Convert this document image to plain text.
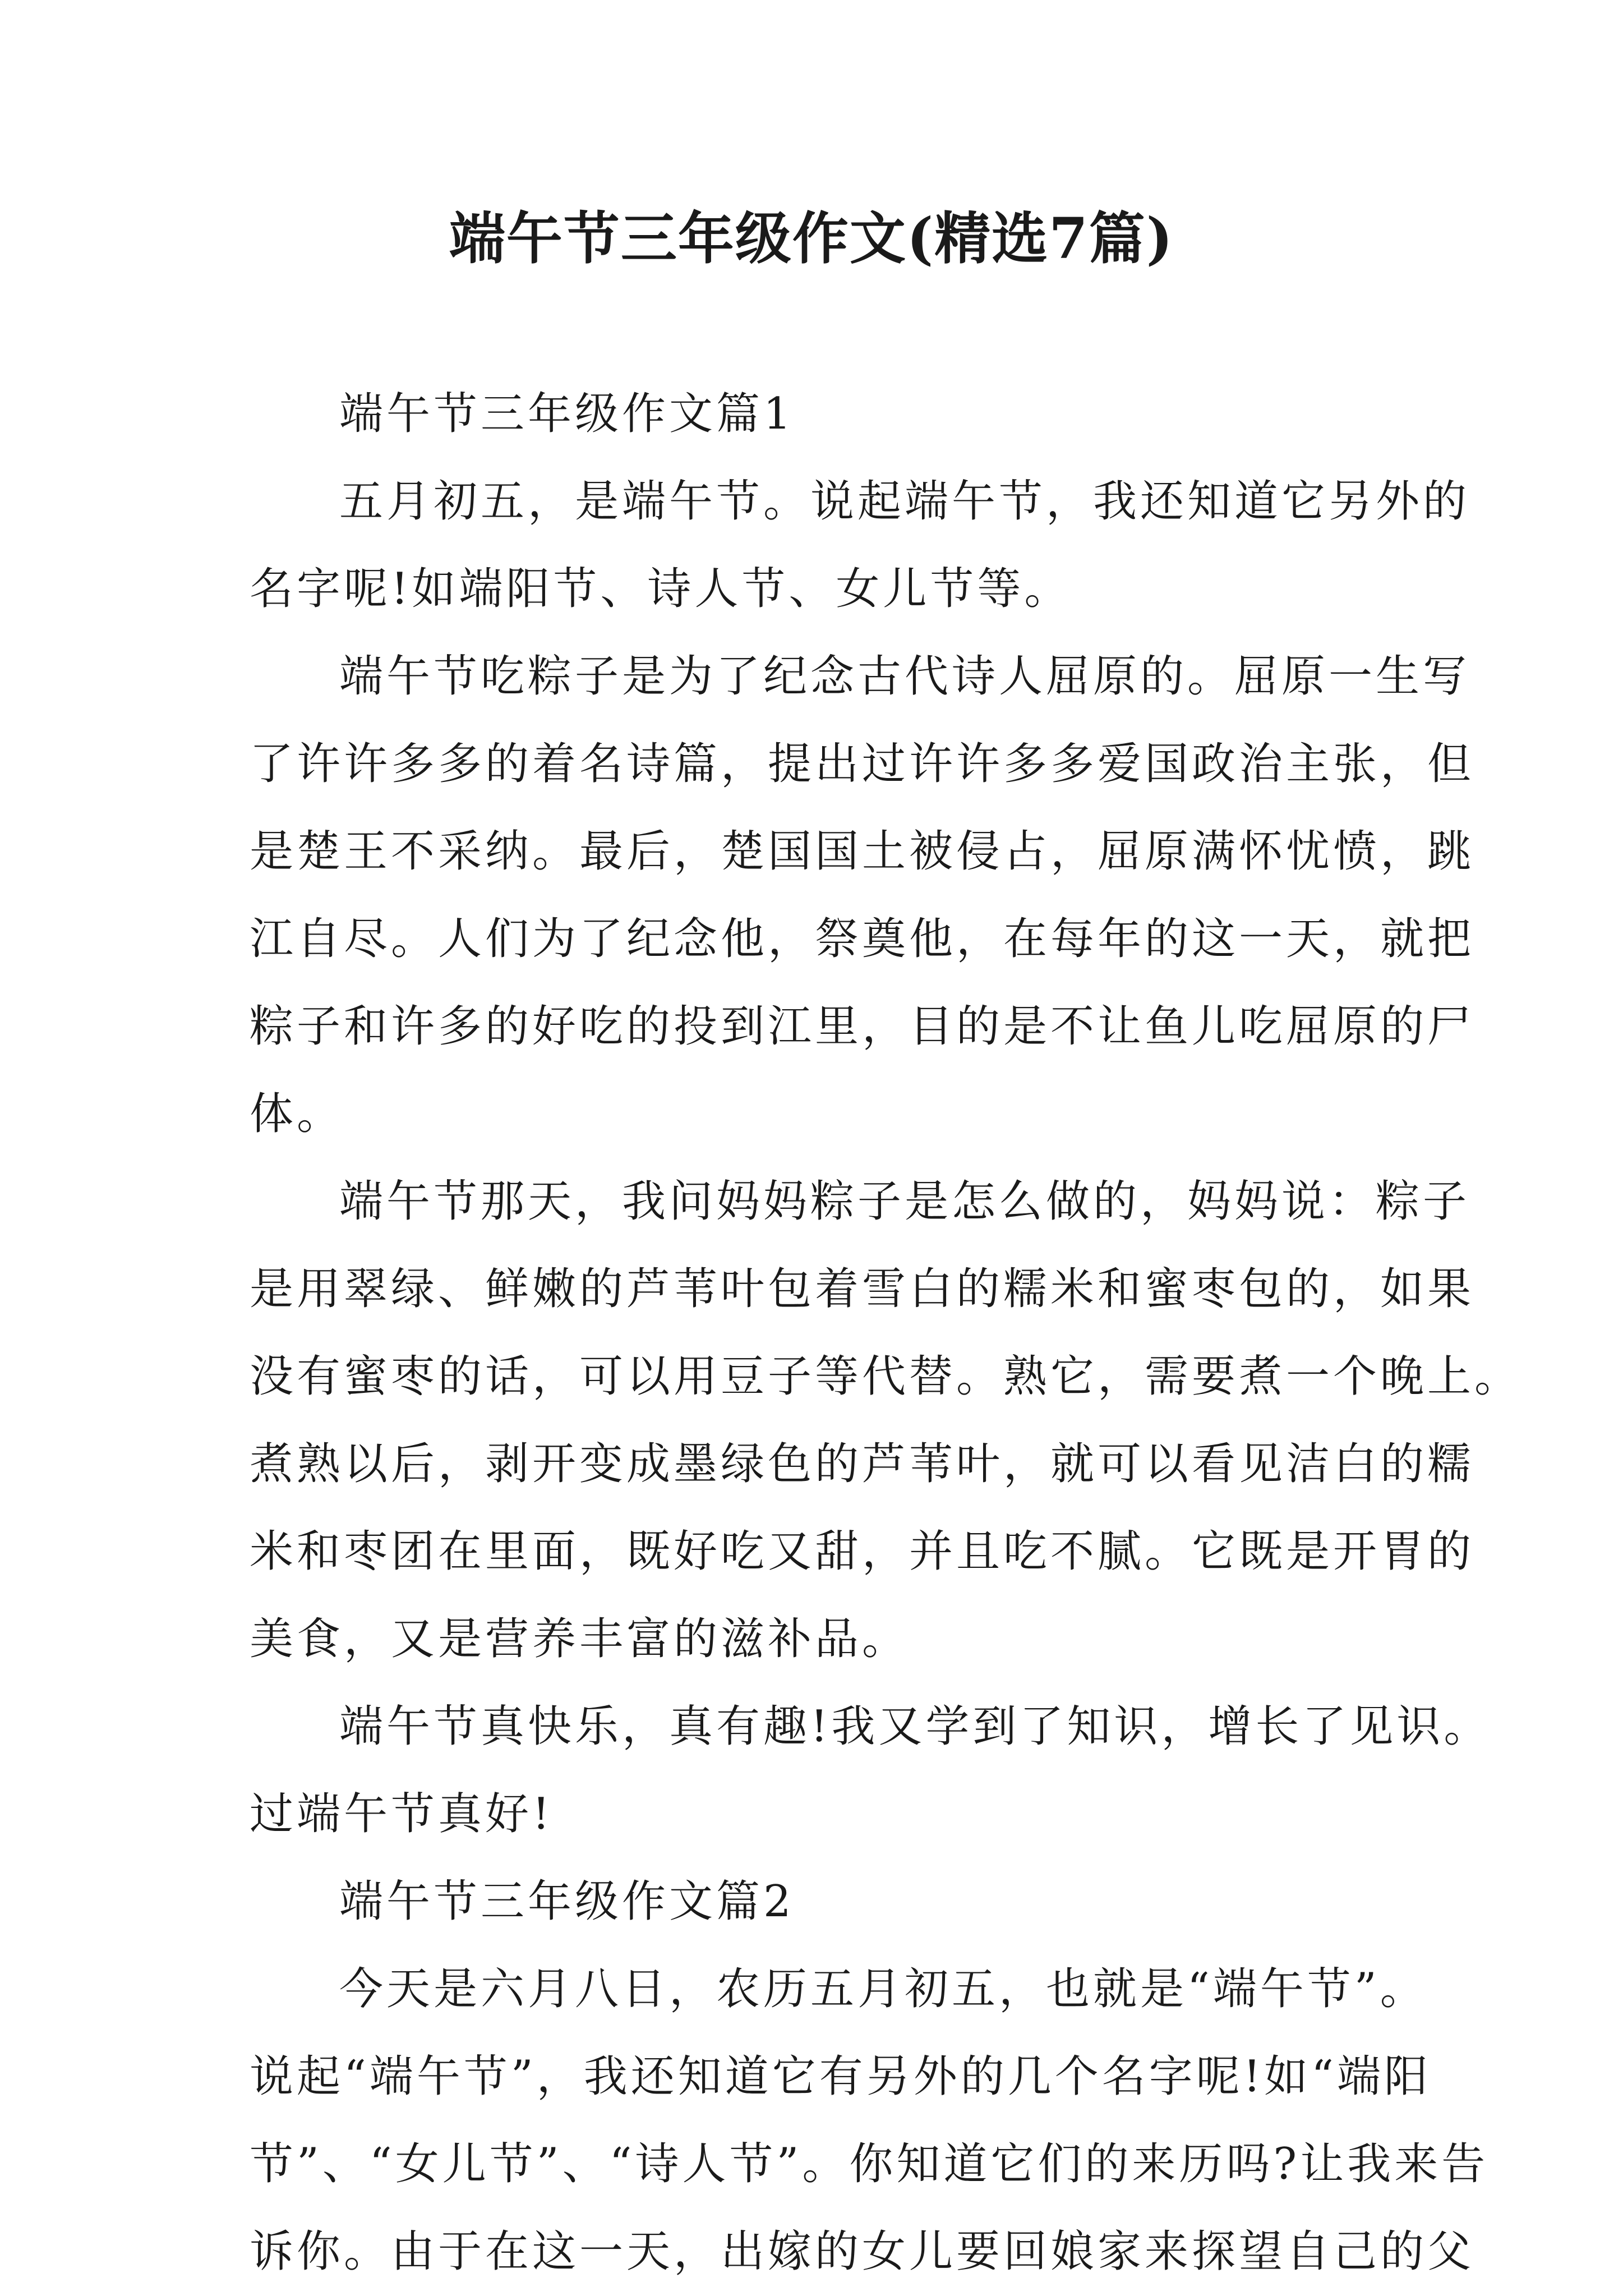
端午节三年级作文(精选7篇)
端午节三年级作文篇1
五月初五，是端午节。说起端午节，我还知道它另外的
名字呢!如端阳节、诗人节、女儿节等。
端午节吃粽子是为了纪念古代诗人屈原的。屈原一生写
了许许多多的着名诗篇，提出过许许多多爱国政治主张，但
是楚王不采纳。最后，楚国国土被侵占，屈原满怀忧愤，跳
江自尽。人们为了纪念他，祭奠他，在每年的这一天，就把
粽子和许多的好吃的投到江里，目的是不让鱼儿吃屈原的尸
体。
端午节那天，我问妈妈粽子是怎么做的，妈妈说：粽子
是用翠绿、鲜嫩的芦苇叶包着雪白的糯米和蜜枣包的，如果
没有蜜枣的话，可以用豆子等代替。熟它，需要煮一个晚上。
煮熟以后，剥开变成墨绿色的芦苇叶，就可以看见洁白的糯
米和枣团在里面，既好吃又甜，并且吃不腻。它既是开胃的
美食，又是营养丰富的滋补品。
端午节真快乐，真有趣!我又学到了知识，增长了见识。
过端午节真好!
端午节三年级作文篇2
今天是六月八日，农历五月初五，也就是“端午节”。
说起“端午节”，我还知道它有另外的几个名字呢!如“端阳
节”、“女儿节”、“诗人节”。你知道它们的来历吗?让我来告
诉你。由于在这一天，出嫁的女儿要回娘家来探望自己的父
